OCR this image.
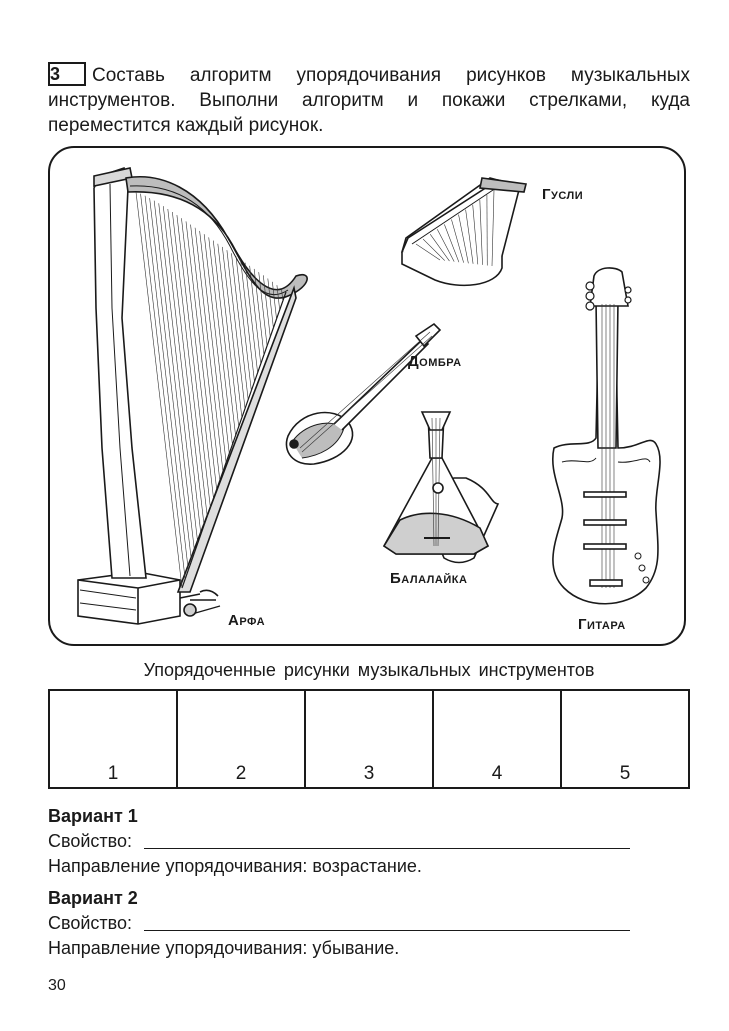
3 Составь алгоритм упорядочивания рисунков музыкальных
инструментов. Выполни алгоритм и покажи стрелками, куда
переместится каждый рисунок.
Арфа
Гусли
Домбра
Балалайка
Гитара
Упорядоченные рисунки музыкальных инструментов
1	2	3	4	5
Вариант 1
Свойство:
Направление упорядочивания: возрастание.
Вариант 2
Свойство:
Направление упорядочивания: убывание.
30
